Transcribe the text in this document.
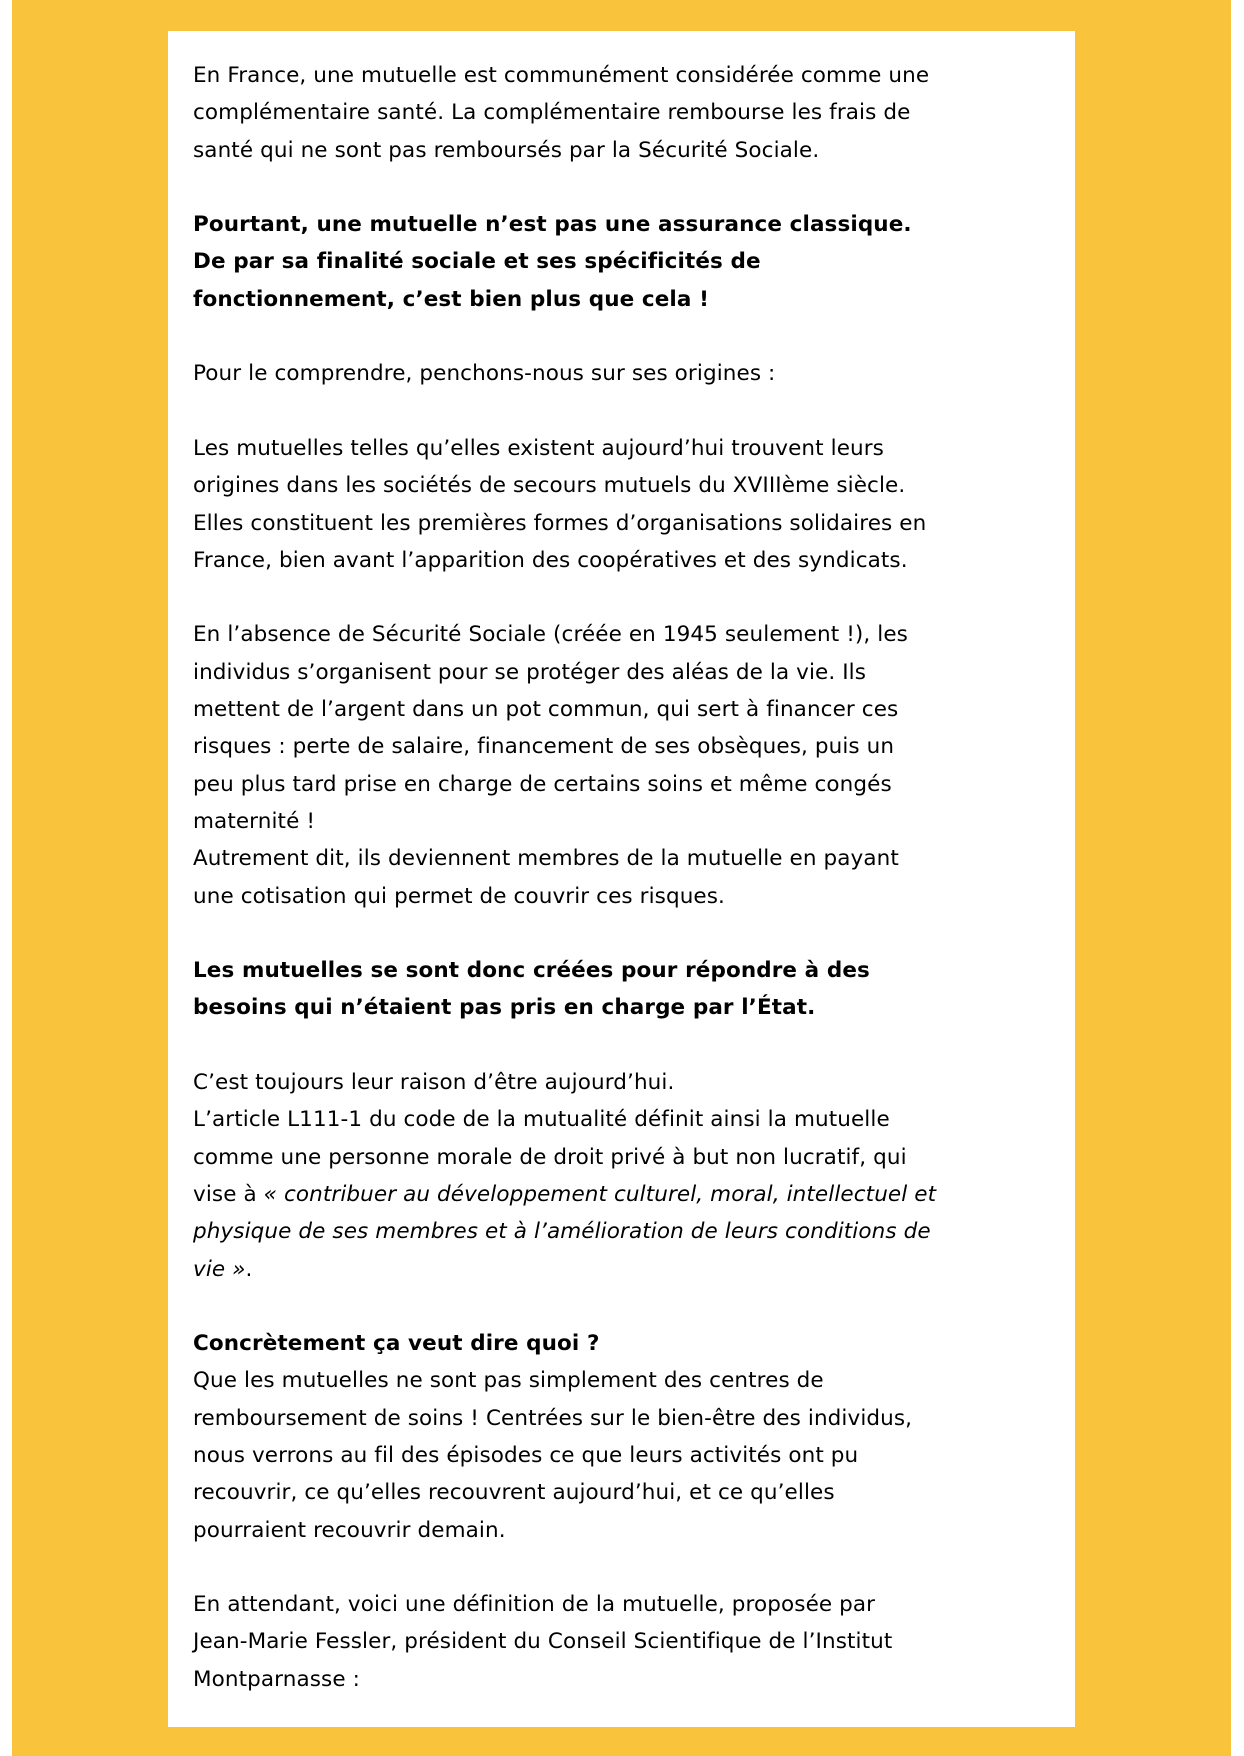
En France, une mutuelle est communément considérée comme une
complémentaire santé. La complémentaire rembourse les frais de
santé qui ne sont pas remboursés par la Sécurité Sociale.
Pourtant, une mutuelle n’est pas une assurance classique.
De par sa finalité sociale et ses spécificités de
fonctionnement, c’est bien plus que cela !
Pour le comprendre, penchons-nous sur ses origines :
Les mutuelles telles qu’elles existent aujourd’hui trouvent leurs
origines dans les sociétés de secours mutuels du XVIIIème siècle.
Elles constituent les premières formes d’organisations solidaires en
France, bien avant l’apparition des coopératives et des syndicats.
En l’absence de Sécurité Sociale (créée en 1945 seulement !), les
individus s’organisent pour se protéger des aléas de la vie. Ils
mettent de l’argent dans un pot commun, qui sert à financer ces
risques : perte de salaire, financement de ses obsèques, puis un
peu plus tard prise en charge de certains soins et même congés
maternité !
Autrement dit, ils deviennent membres de la mutuelle en payant
une cotisation qui permet de couvrir ces risques.
Les mutuelles se sont donc créées pour répondre à des
besoins qui n’étaient pas pris en charge par l’État.
C’est toujours leur raison d’être aujourd’hui.
L’article L111-1 du code de la mutualité définit ainsi la mutuelle
comme une personne morale de droit privé à but non lucratif, qui
vise à « contribuer au développement culturel, moral, intellectuel et
physique de ses membres et à l’amélioration de leurs conditions de
vie ».
Concrètement ça veut dire quoi ?
Que les mutuelles ne sont pas simplement des centres de
remboursement de soins ! Centrées sur le bien-être des individus,
nous verrons au fil des épisodes ce que leurs activités ont pu
recouvrir, ce qu’elles recouvrent aujourd’hui, et ce qu’elles
pourraient recouvrir demain.
En attendant, voici une définition de la mutuelle, proposée par
Jean-Marie Fessler, président du Conseil Scientifique de l’Institut
Montparnasse :
